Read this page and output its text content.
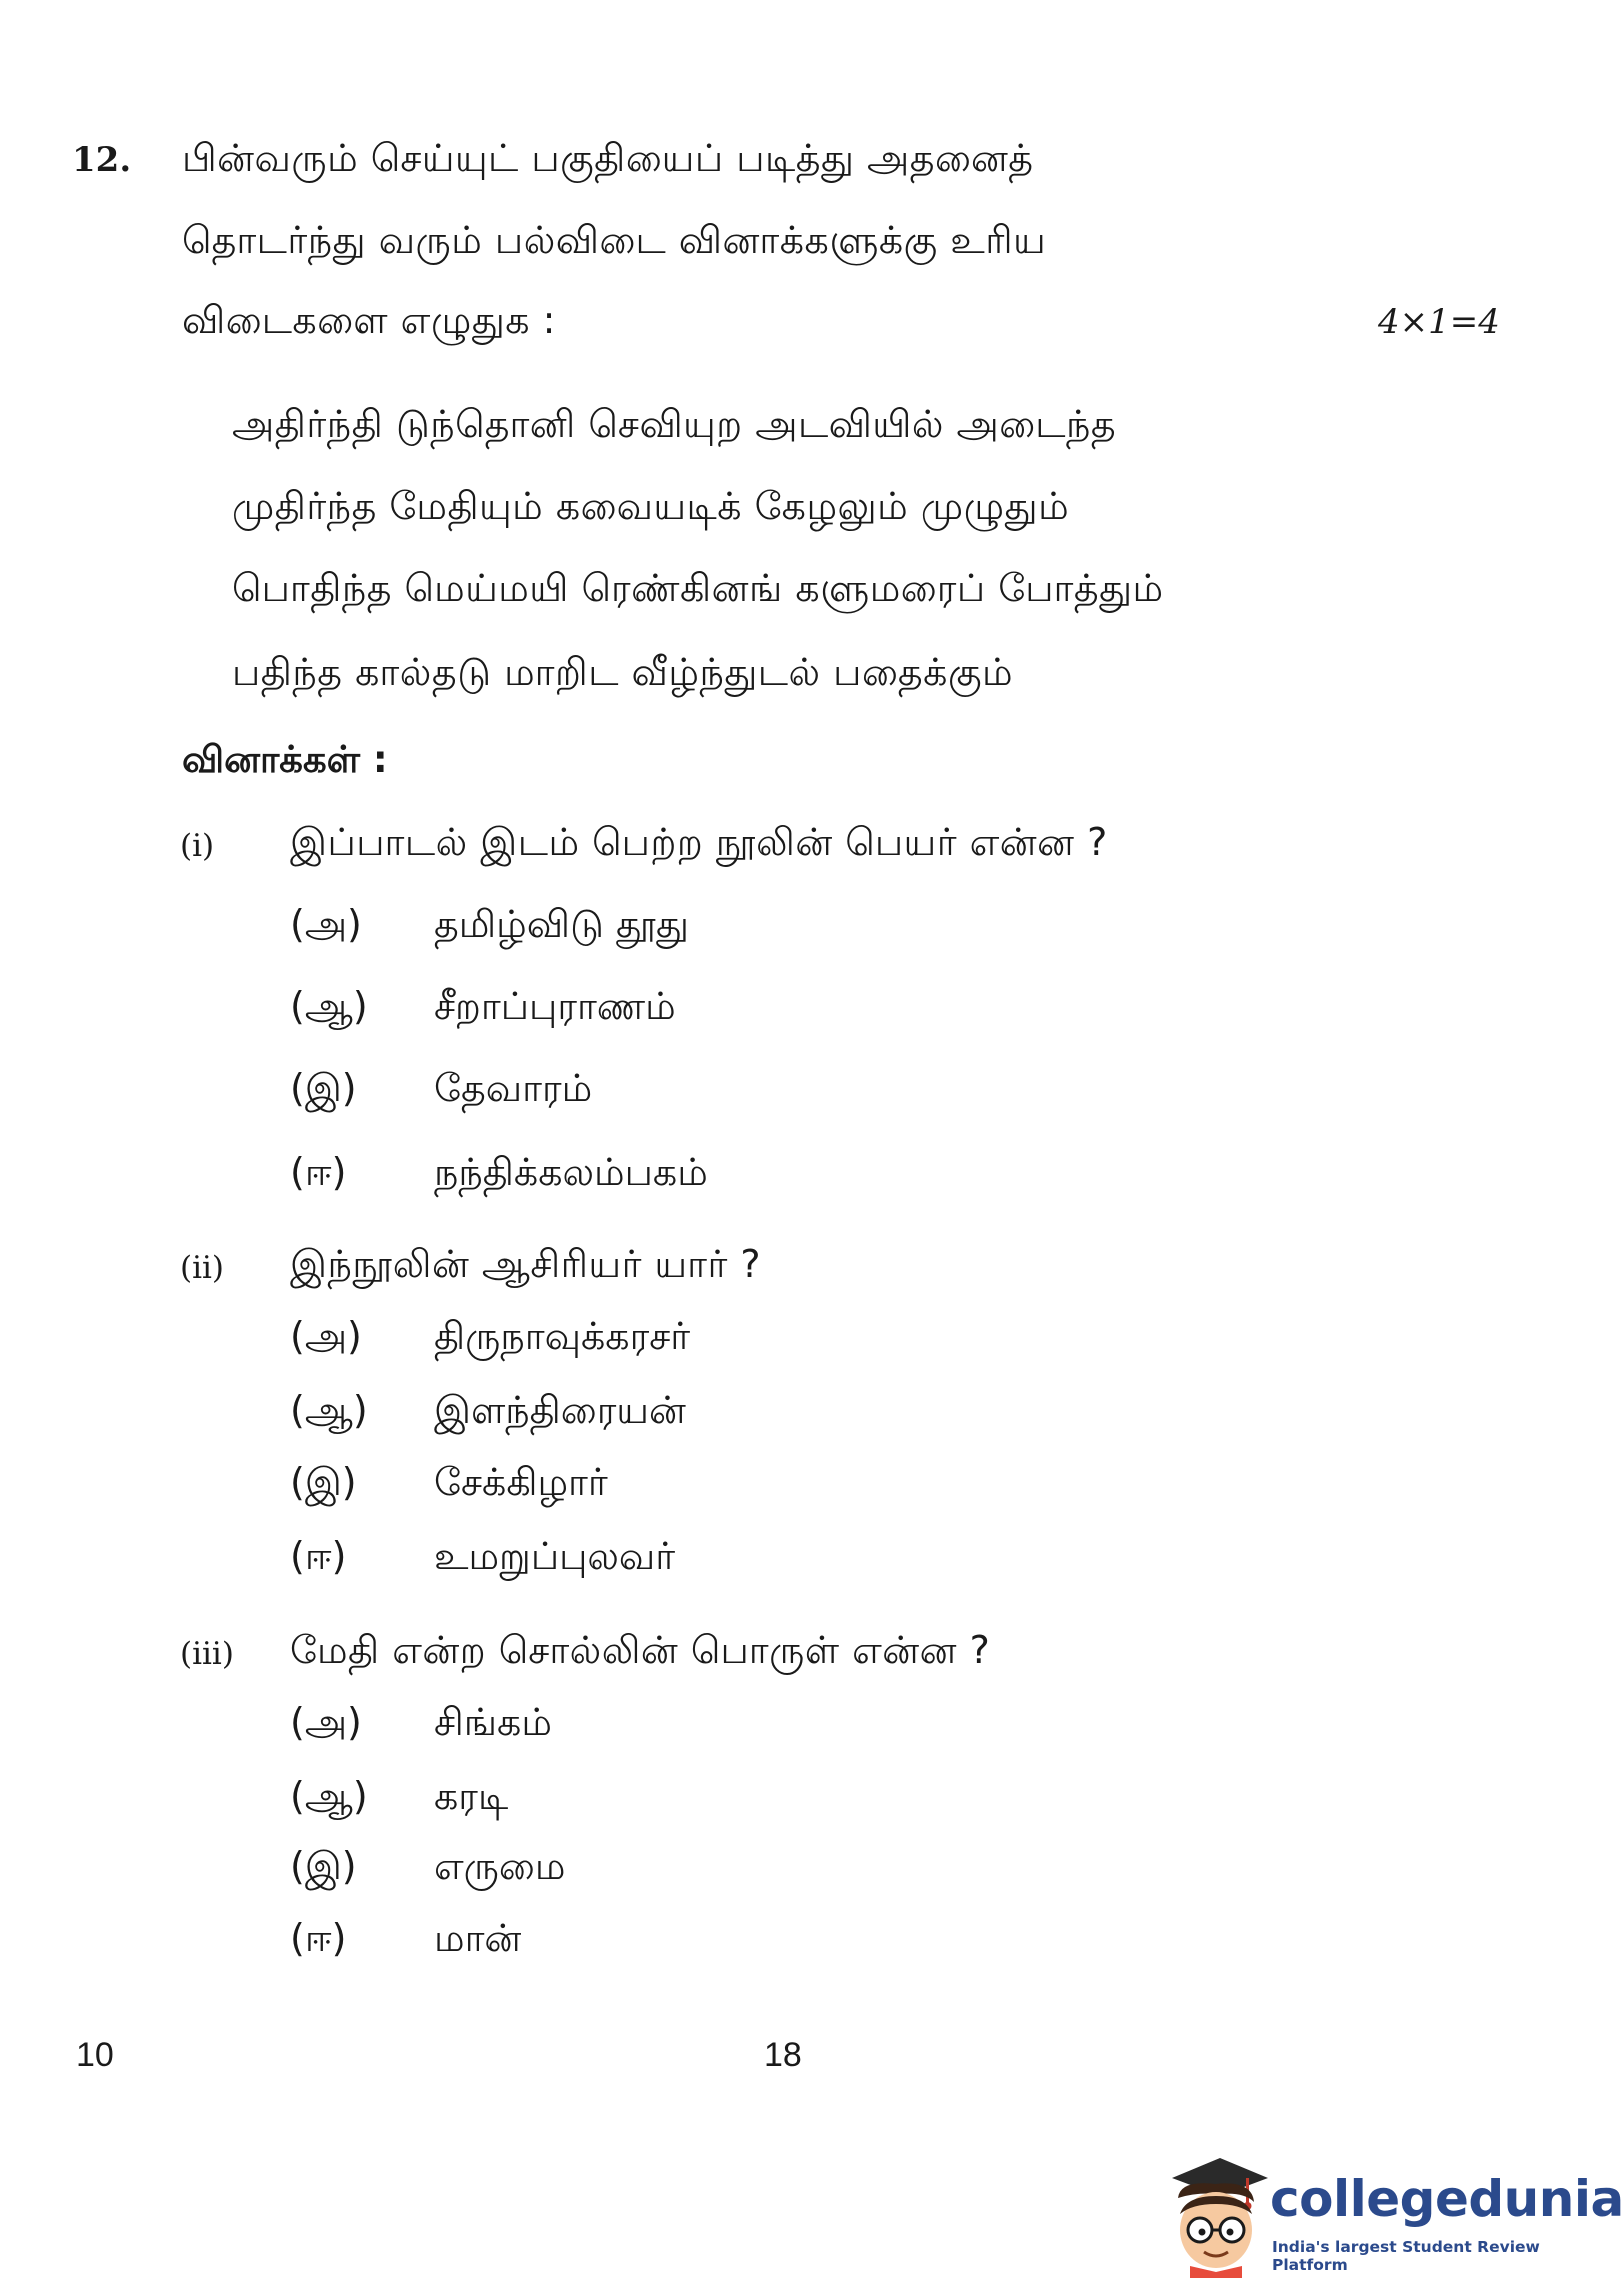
12. பின்வரும் செய்யுட் பகுதியைப் படித்து அதனைத்
தொடர்ந்து வரும் பல்விடை வினாக்களுக்கு உரிய
விடைகளை எழுதுக :	4×1=4
அதிர்ந்தி டுந்தொனி செவியுற அடவியில் அடைந்த
முதிர்ந்த மேதியும் கவையடிக் கேழலும் முழுதும்
பொதிந்த மெய்மயி ரெண்கினங் களுமரைப் போத்தும்
பதிந்த கால்தடு மாறிட வீழ்ந்துடல் பதைக்கும்
வினாக்கள் :
(i) இப்பாடல் இடம் பெற்ற நூலின் பெயர் என்ன ?
(அ) தமிழ்விடு தூது
(ஆ) சீறாப்புராணம்
(இ) தேவாரம்
(ஈ) நந்திக்கலம்பகம்
(ii) இந்நூலின் ஆசிரியர் யார் ?
(அ) திருநாவுக்கரசர்
(ஆ) இளந்திரையன்
(இ) சேக்கிழார்
(ஈ) உமறுப்புலவர்
(iii) மேதி என்ற சொல்லின் பொருள் என்ன ?
(அ) சிங்கம்
(ஆ) கரடி
(இ) எருமை
(ஈ) மான்
10	18
collegedunia
India's largest Student Review Platform
